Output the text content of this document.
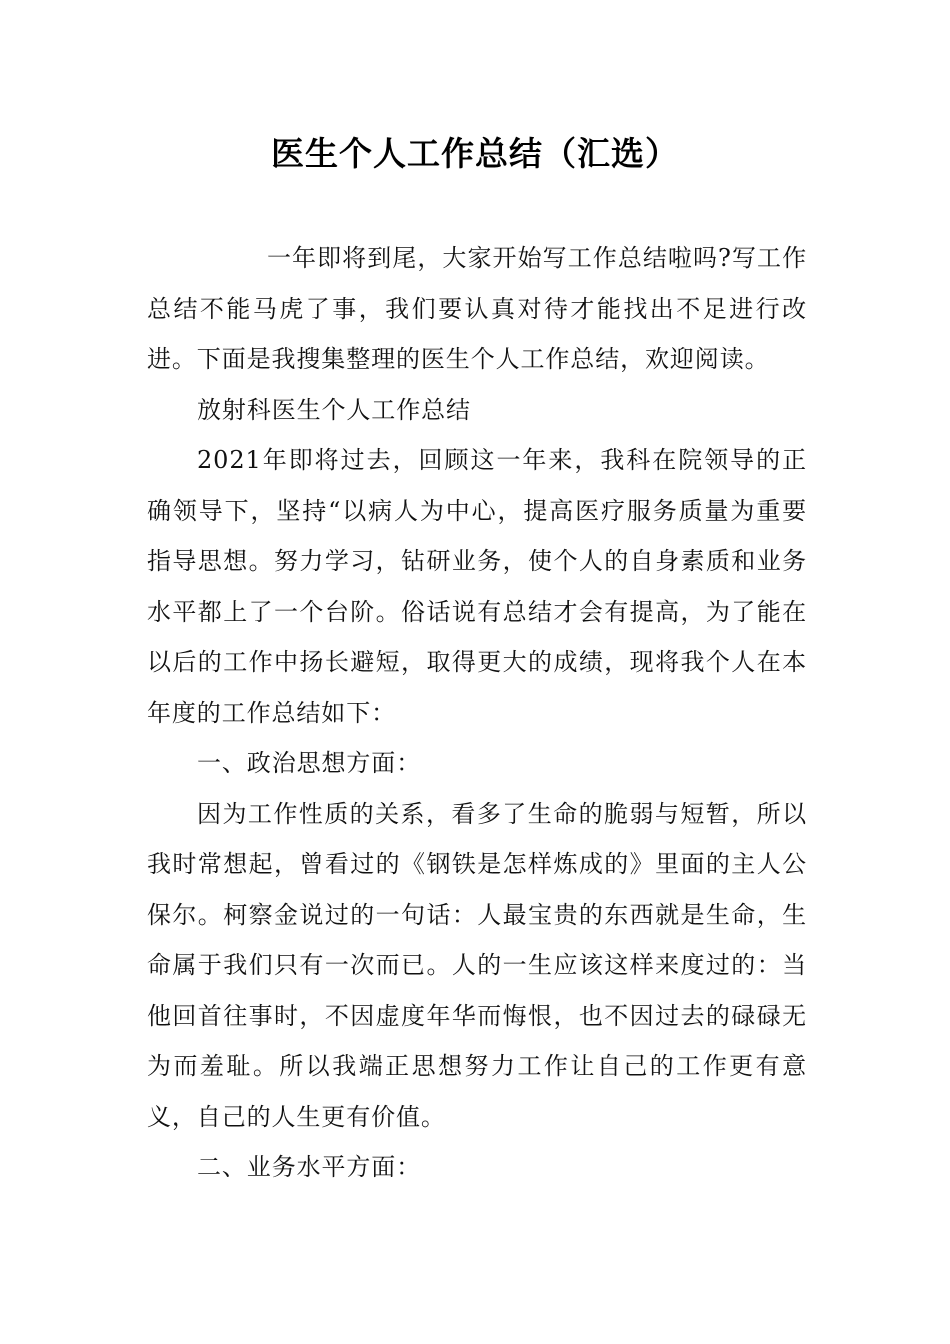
医生个人工作总结（汇选）

一年即将到尾，大家开始写工作总结啦吗?写工作总结不能马虎了事，我们要认真对待才能找出不足进行改进。下面是我搜集整理的医生个人工作总结，欢迎阅读。

放射科医生个人工作总结

2021年即将过去，回顾这一年来，我科在院领导的正确领导下，坚持“以病人为中心，提高医疗服务质量为重要指导思想。努力学习，钻研业务，使个人的自身素质和业务水平都上了一个台阶。俗话说有总结才会有提高，为了能在以后的工作中扬长避短，取得更大的成绩，现将我个人在本年度的工作总结如下：

一、政治思想方面：

因为工作性质的关系，看多了生命的脆弱与短暂，所以我时常想起，曾看过的《钢铁是怎样炼成的》里面的主人公保尔。柯察金说过的一句话：人最宝贵的东西就是生命，生命属于我们只有一次而已。人的一生应该这样来度过的：当他回首往事时，不因虚度年华而悔恨，也不因过去的碌碌无为而羞耻。所以我端正思想努力工作让自己的工作更有意义，自己的人生更有价值。

二、业务水平方面：
